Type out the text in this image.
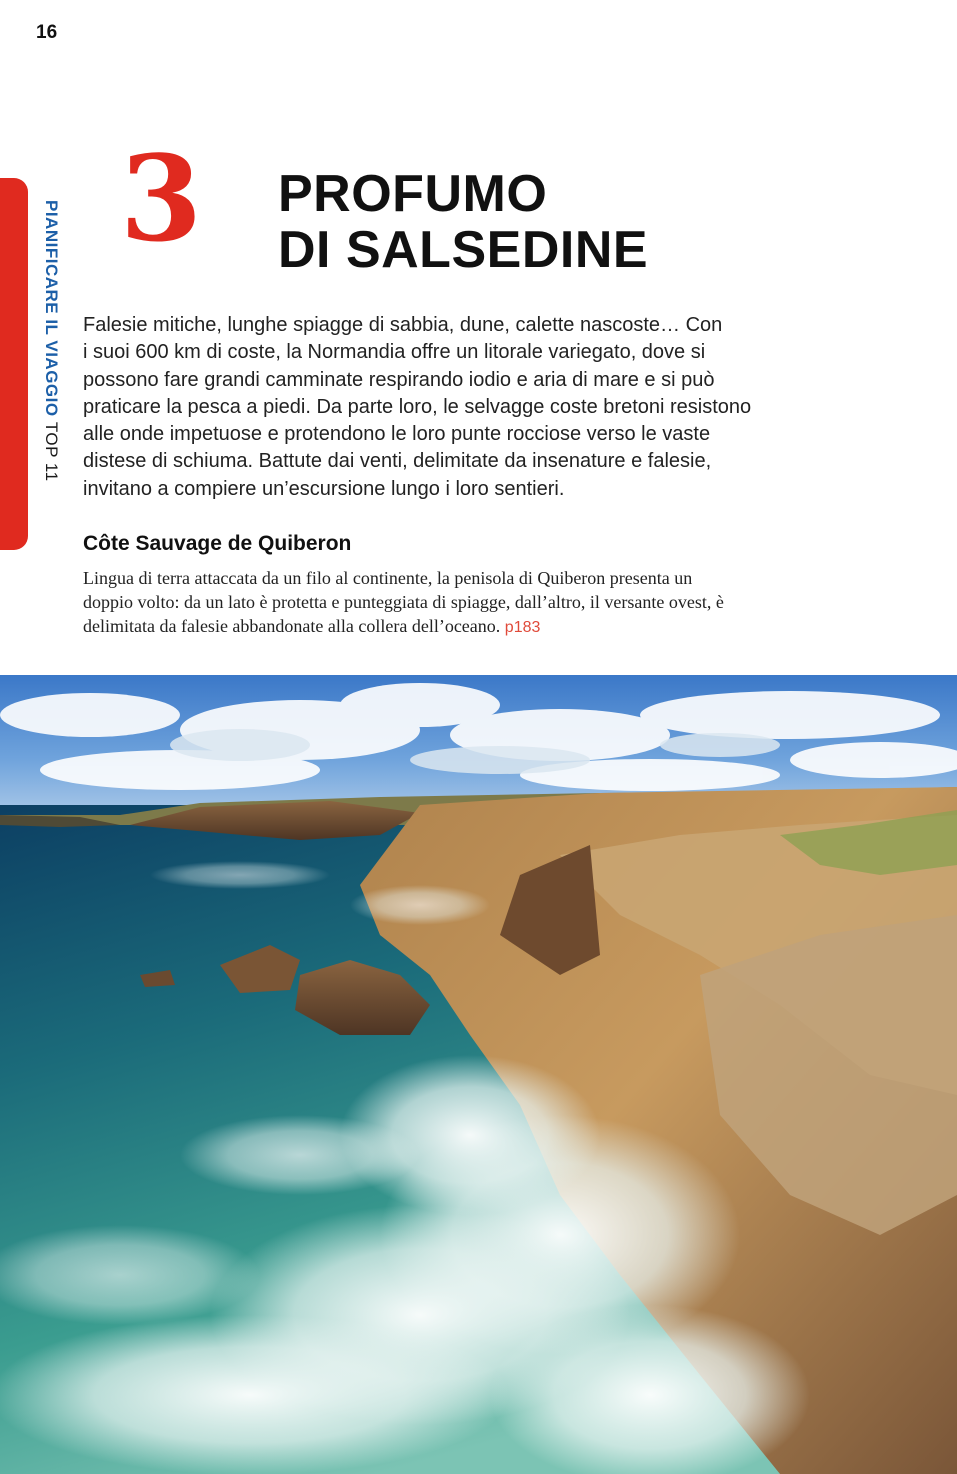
16
PIANIFICARE IL VIAGGIO TOP 11
3 PROFUMO
DI SALSEDINE
Falesie mitiche, lunghe spiagge di sabbia, dune, calette nascoste… Con
i suoi 600 km di coste, la Normandia offre un litorale variegato, dove si
possono fare grandi camminate respirando iodio e aria di mare e si può
praticare la pesca a piedi. Da parte loro, le selvagge coste bretoni resistono
alle onde impetuose e protendono le loro punte rocciose verso le vaste
distese di schiuma. Battute dai venti, delimitate da insenature e falesie,
invitano a compiere un’escursione lungo i loro sentieri.
Côte Sauvage de Quiberon
Lingua di terra attaccata da un filo al continente, la penisola di Quiberon presenta un
doppio volto: da un lato è protetta e punteggiata di spiagge, dall’altro, il versante ovest, è
delimitata da falesie abbandonate alla collera dell’oceano. p183
